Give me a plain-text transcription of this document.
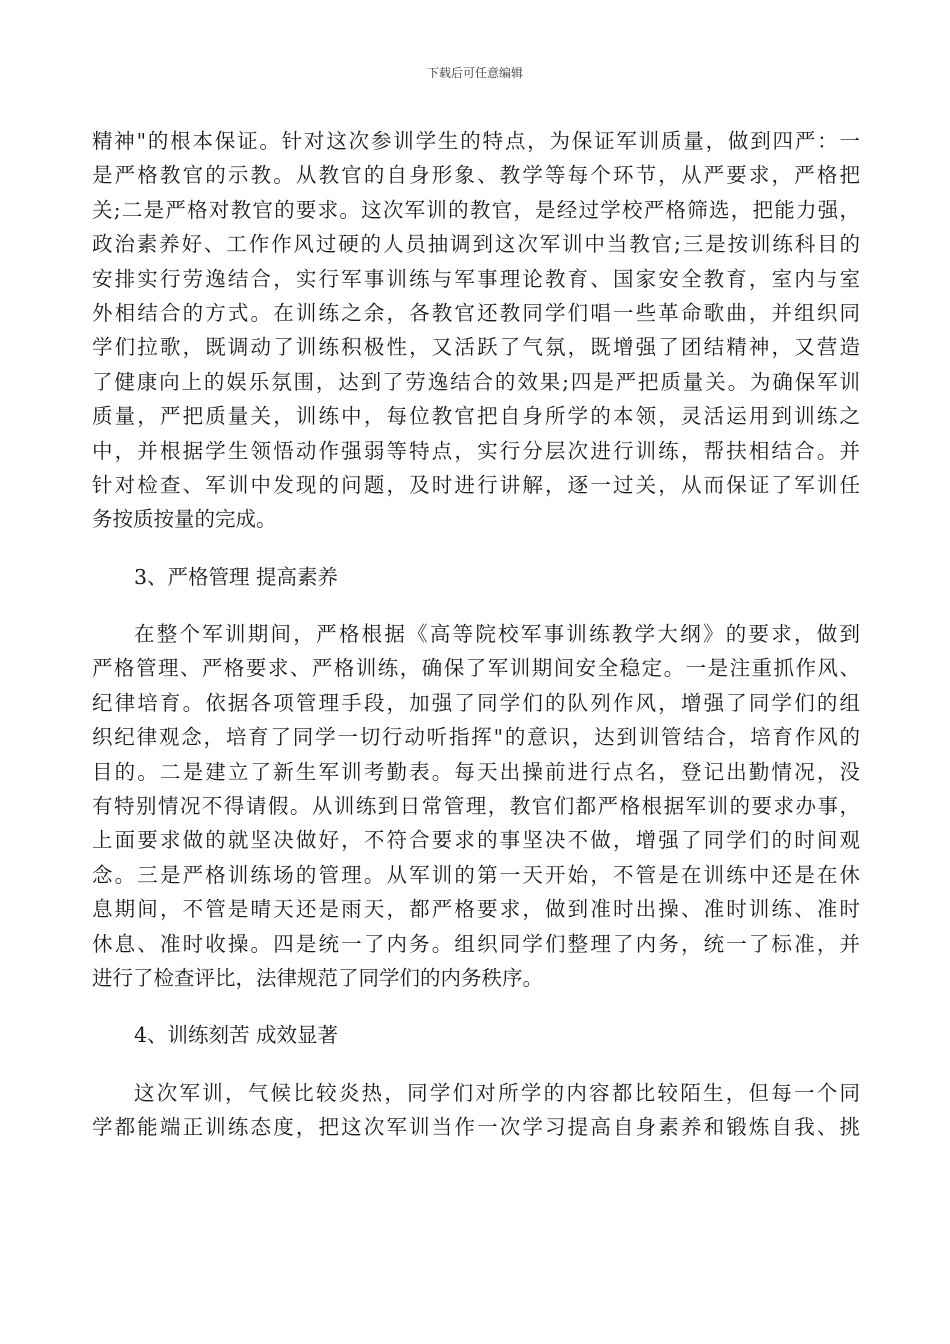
下载后可任意编辑
精神"的根本保证。针对这次参训学生的特点，为保证军训质量，做到四严：一
是严格教官的示教。从教官的自身形象、教学等每个环节，从严要求，严格把
关;二是严格对教官的要求。这次军训的教官，是经过学校严格筛选，把能力强，
政治素养好、工作作风过硬的人员抽调到这次军训中当教官;三是按训练科目的
安排实行劳逸结合，实行军事训练与军事理论教育、国家安全教育，室内与室
外相结合的方式。在训练之余，各教官还教同学们唱一些革命歌曲，并组织同
学们拉歌，既调动了训练积极性，又活跃了气氛，既增强了团结精神，又营造
了健康向上的娱乐氛围，达到了劳逸结合的效果;四是严把质量关。为确保军训
质量，严把质量关，训练中，每位教官把自身所学的本领，灵活运用到训练之
中，并根据学生领悟动作强弱等特点，实行分层次进行训练，帮扶相结合。并
针对检查、军训中发现的问题，及时进行讲解，逐一过关，从而保证了军训任
务按质按量的完成。
3、严格管理 提高素养
在整个军训期间，严格根据《高等院校军事训练教学大纲》的要求，做到
严格管理、严格要求、严格训练，确保了军训期间安全稳定。一是注重抓作风、
纪律培育。依据各项管理手段，加强了同学们的队列作风，增强了同学们的组
织纪律观念，培育了同学一切行动听指挥"的意识，达到训管结合，培育作风的
目的。二是建立了新生军训考勤表。每天出操前进行点名，登记出勤情况，没
有特别情况不得请假。从训练到日常管理，教官们都严格根据军训的要求办事，
上面要求做的就坚决做好，不符合要求的事坚决不做，增强了同学们的时间观
念。三是严格训练场的管理。从军训的第一天开始，不管是在训练中还是在休
息期间，不管是晴天还是雨天，都严格要求，做到准时出操、准时训练、准时
休息、准时收操。四是统一了内务。组织同学们整理了内务，统一了标准，并
进行了检查评比，法律规范了同学们的内务秩序。
4、训练刻苦 成效显著
这次军训，气候比较炎热，同学们对所学的内容都比较陌生，但每一个同
学都能端正训练态度，把这次军训当作一次学习提高自身素养和锻炼自我、挑
